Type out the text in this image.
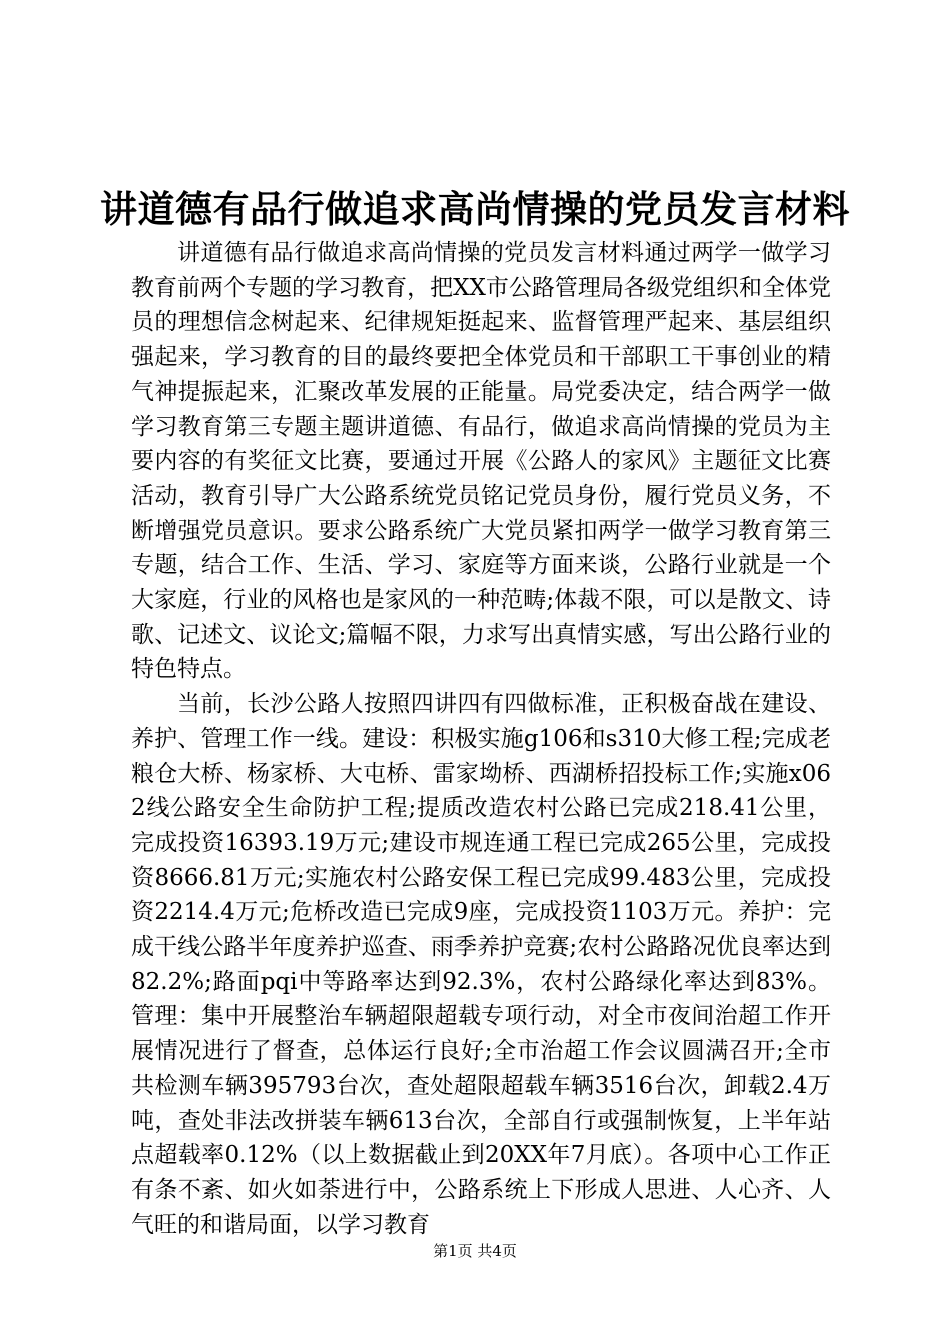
讲道德有品行做追求高尚情操的党员发言材料

讲道德有品行做追求高尚情操的党员发言材料通过两学一做学习教育前两个专题的学习教育，把XX市公路管理局各级党组织和全体党员的理想信念树起来、纪律规矩挺起来、监督管理严起来、基层组织强起来，学习教育的目的最终要把全体党员和干部职工干事创业的精气神提振起来，汇聚改革发展的正能量。局党委决定，结合两学一做学习教育第三专题主题讲道德、有品行，做追求高尚情操的党员为主要内容的有奖征文比赛，要通过开展《公路人的家风》主题征文比赛活动，教育引导广大公路系统党员铭记党员身份，履行党员义务，不断增强党员意识。要求公路系统广大党员紧扣两学一做学习教育第三专题，结合工作、生活、学习、家庭等方面来谈，公路行业就是一个大家庭，行业的风格也是家风的一种范畴;体裁不限，可以是散文、诗歌、记述文、议论文;篇幅不限，力求写出真情实感，写出公路行业的特色特点。

当前，长沙公路人按照四讲四有四做标准，正积极奋战在建设、养护、管理工作一线。建设：积极实施g106和s310大修工程;完成老粮仓大桥、杨家桥、大屯桥、雷家坳桥、西湖桥招投标工作;实施x062线公路安全生命防护工程;提质改造农村公路已完成218.41公里，完成投资16393.19万元;建设市规连通工程已完成265公里，完成投资8666.81万元;实施农村公路安保工程已完成99.483公里，完成投资2214.4万元;危桥改造已完成9座，完成投资1103万元。养护：完成干线公路半年度养护巡查、雨季养护竞赛;农村公路路况优良率达到82.2%;路面pqi中等路率达到92.3%，农村公路绿化率达到83%。管理：集中开展整治车辆超限超载专项行动，对全市夜间治超工作开展情况进行了督查，总体运行良好;全市治超工作会议圆满召开;全市共检测车辆395793台次，查处超限超载车辆3516台次，卸载2.4万吨，查处非法改拼装车辆613台次，全部自行或强制恢复，上半年站点超载率0.12%（以上数据截止到20XX年7月底）。各项中心工作正有条不紊、如火如荼进行中，公路系统上下形成人思进、人心齐、人气旺的和谐局面，以学习教育

第1页 共4页
